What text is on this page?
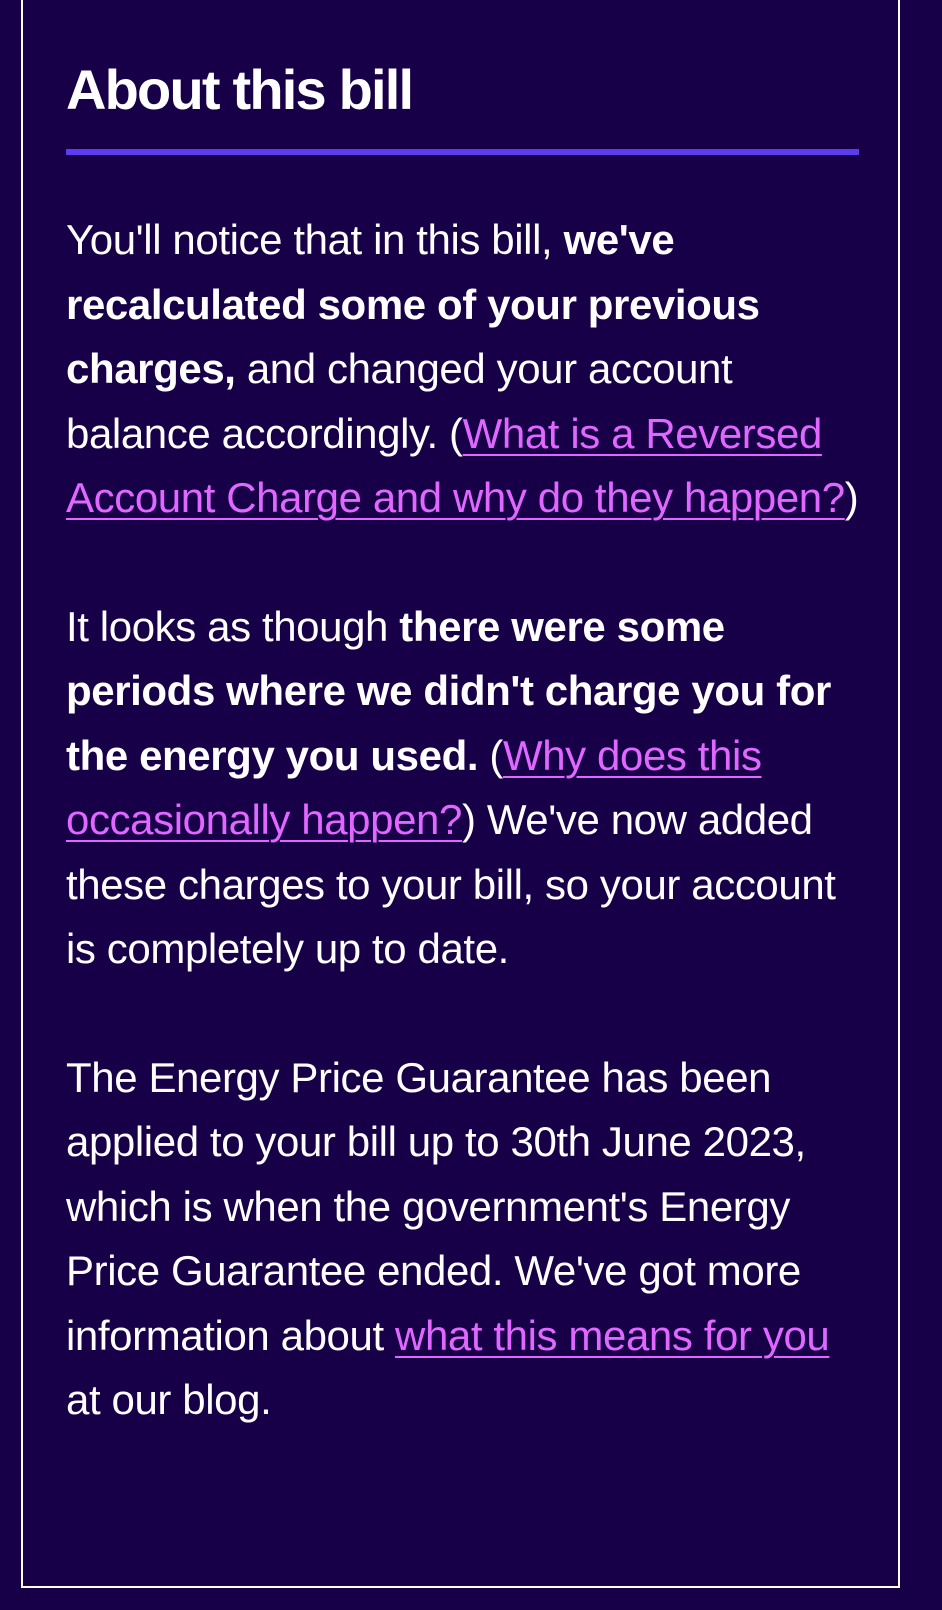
About this bill

You'll notice that in this bill, we've recalculated some of your previous charges, and changed your account balance accordingly. (What is a Reversed Account Charge and why do they happen?)

It looks as though there were some periods where we didn't charge you for the energy you used. (Why does this occasionally happen?) We've now added these charges to your bill, so your account is completely up to date.

The Energy Price Guarantee has been applied to your bill up to 30th June 2023, which is when the government's Energy Price Guarantee ended. We've got more information about what this means for you at our blog.
